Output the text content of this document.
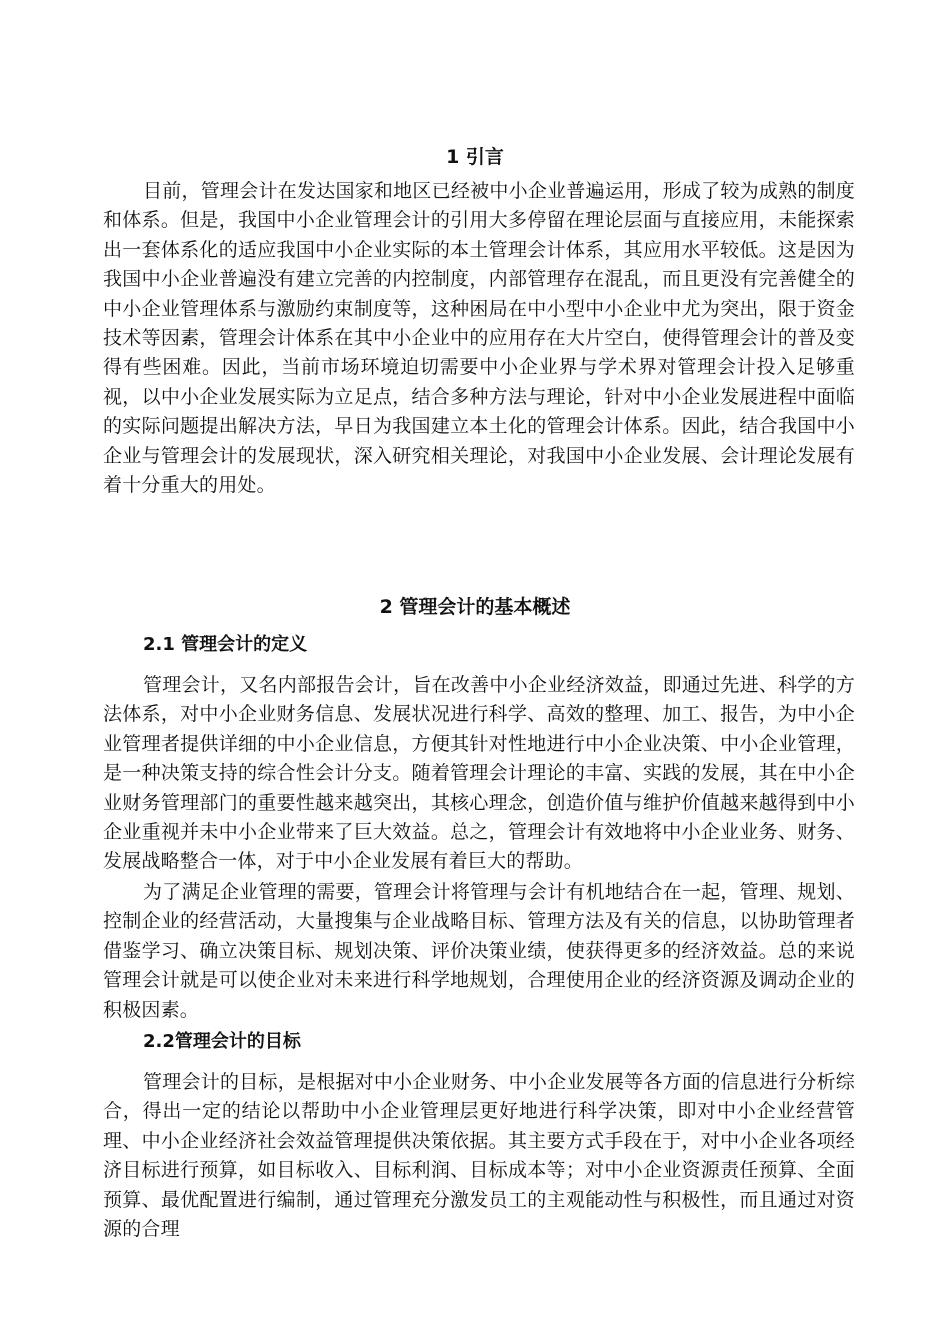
1 引言

目前，管理会计在发达国家和地区已经被中小企业普遍运用，形成了较为成熟的制度和体系。但是，我国中小企业管理会计的引用大多停留在理论层面与直接应用，未能探索出一套体系化的适应我国中小企业实际的本土管理会计体系，其应用水平较低。这是因为我国中小企业普遍没有建立完善的内控制度，内部管理存在混乱，而且更没有完善健全的中小企业管理体系与激励约束制度等，这种困局在中小型中小企业中尤为突出，限于资金技术等因素，管理会计体系在其中小企业中的应用存在大片空白，使得管理会计的普及变得有些困难。因此，当前市场环境迫切需要中小企业界与学术界对管理会计投入足够重视，以中小企业发展实际为立足点，结合多种方法与理论，针对中小企业发展进程中面临的实际问题提出解决方法，早日为我国建立本土化的管理会计体系。因此，结合我国中小企业与管理会计的发展现状，深入研究相关理论，对我国中小企业发展、会计理论发展有着十分重大的用处。

2 管理会计的基本概述
2.1 管理会计的定义

管理会计，又名内部报告会计，旨在改善中小企业经济效益，即通过先进、科学的方法体系，对中小企业财务信息、发展状况进行科学、高效的整理、加工、报告，为中小企业管理者提供详细的中小企业信息，方便其针对性地进行中小企业决策、中小企业管理，是一种决策支持的综合性会计分支。随着管理会计理论的丰富、实践的发展，其在中小企业财务管理部门的重要性越来越突出，其核心理念，创造价值与维护价值越来越得到中小企业重视并未中小企业带来了巨大效益。总之，管理会计有效地将中小企业业务、财务、发展战略整合一体，对于中小企业发展有着巨大的帮助。

为了满足企业管理的需要，管理会计将管理与会计有机地结合在一起，管理、规划、控制企业的经营活动，大量搜集与企业战略目标、管理方法及有关的信息，以协助管理者借鉴学习、确立决策目标、规划决策、评价决策业绩，使获得更多的经济效益。总的来说管理会计就是可以使企业对未来进行科学地规划，合理使用企业的经济资源及调动企业的积极因素。

2.2管理会计的目标

管理会计的目标，是根据对中小企业财务、中小企业发展等各方面的信息进行分析综合，得出一定的结论以帮助中小企业管理层更好地进行科学决策，即对中小企业经营管理、中小企业经济社会效益管理提供决策依据。其主要方式手段在于，对中小企业各项经济目标进行预算，如目标收入、目标利润、目标成本等；对中小企业资源责任预算、全面预算、最优配置进行编制，通过管理充分激发员工的主观能动性与积极性，而且通过对资源的合理
